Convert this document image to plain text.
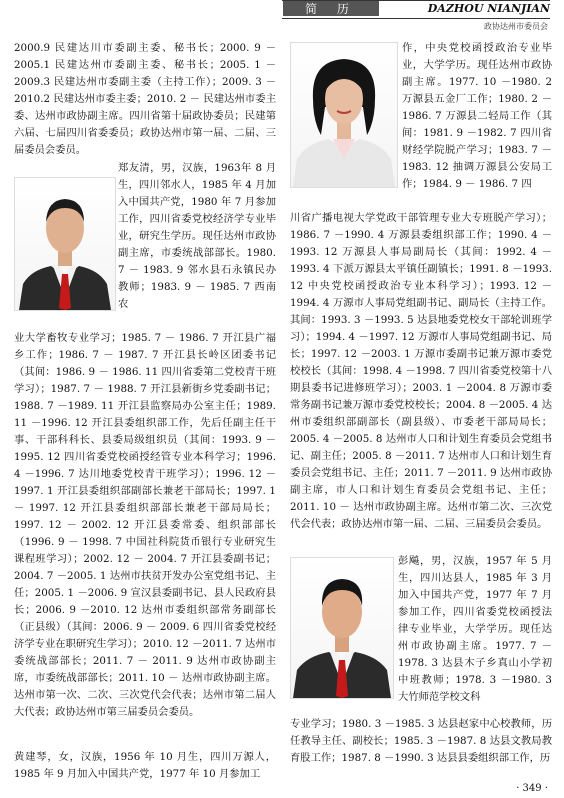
简 历	DAZHOU NIANJIAN
政协达州市委员会

2000.9 民建达川市委副主委、秘书长；2000. 9 － 2005.1 民建达州市委副主委、秘书长；2005. 1 － 2009.3 民建达州市委副主委（主持工作）；2009. 3 － 2010.2 民建达州市委主委；2010. 2 － 民建达州市委主委、达州市政协副主席。四川省第十届政协委员；民建第六届、七届四川省委委员；政协达州市第一届、二届、三届委员会委员。

郑友清，男，汉族，1963年 8 月生，四川邻水人，1985 年 4 月加入中国共产党，1980 年 7 月参加工作，四川省委党校经济学专业毕业，研究生学历。现任达州市政协副主席，市委统战部部长。1980. 7 － 1983. 9 邻水县石永镇民办教师；1983. 9 － 1985. 7 西南农

业大学畜牧专业学习；1985. 7 － 1986. 7 开江县广福乡工作；1986. 7 － 1987. 7 开江县长岭区团委书记（其间：1986. 9 － 1986. 11 四川省委第二党校青干班学习）；1987. 7 － 1988. 7 开江县新街乡党委副书记；1988. 7 －1989. 11 开江县监察局办公室主任；1989. 11 －1996. 12 开江县委组织部工作，先后任副主任干事、干部科科长、县委局级组织员（其间：1993. 9 － 1995. 12 四川省委党校函授经管专业本科学习；1996. 4 －1996. 7 达川地委党校青干班学习）；1996. 12 －1997. 1 开江县委组织部副部长兼老干部局长；1997. 1 － 1997. 12 开江县委组织部部长兼老干部局局长；1997. 12 － 2002. 12 开江县委常委、组织部部长（1996. 9 － 1998. 7 中国社科院货币银行专业研究生课程班学习）；2002. 12 － 2004. 7 开江县委副书记；2004. 7 －2005. 1 达州市扶贫开发办公室党组书记、主任；2005. 1 －2006. 9 宣汉县委副书记、县人民政府县长；2006. 9 －2010. 12 达州市委组织部常务副部长（正县级）（其间：2006. 9 － 2009. 6 四川省委党校经济学专业在职研究生学习）；2010. 12 －2011. 7 达州市委统战部部长；2011. 7 － 2011. 9 达州市政协副主席，市委统战部部长；2011. 10 － 达州市政协副主席。达州市第一次、二次、三次党代会代表；达州市第二届人大代表；政协达州市第三届委员会委员。

黄建琴，女，汉族，1956 年 10 月生，四川万源人，1985 年 9 月加入中国共产党，1977 年 10 月参加工

作，中央党校函授政治专业毕业，大学学历。现任达州市政协副主席。1977. 10 －1980. 2 万源县五金厂工作；1980. 2 －1986. 7 万源县二轻局工作（其间：1981. 9 －1982. 7 四川省财经学院脱产学习；1983. 7 －1983. 12 抽调万源县公安局工作；1984. 9 － 1986. 7 四

川省广播电视大学党政干部管理专业大专班脱产学习）；1986. 7 －1990. 4 万源县委组织部工作；1990. 4 －1993. 12 万源县人事局副局长（其间：1992. 4 － 1993. 4 下派万源县太平镇任副镇长；1991. 8 －1993. 12 中央党校函授政治专业本科学习）；1993. 12 － 1994. 4 万源市人事局党组副书记、副局长（主持工作。其间：1993. 3 －1993. 5 达县地委党校女干部轮训班学习）；1994. 4 －1997. 12 万源市人事局党组副书记、局长；1997. 12 －2003. 1 万源市委副书记兼万源市委党校校长（其间：1998. 4 －1998. 7 四川省委党校第十八期县委书记进修班学习）；2003. 1 －2004. 8 万源市委常务副书记兼万源市委党校校长；2004. 8 －2005. 4 达州市委组织部副部长（副县级）、市委老干部局局长；2005. 4 －2005. 8 达州市人口和计划生育委员会党组书记、副主任；2005. 8 －2011. 7 达州市人口和计划生育委员会党组书记、主任；2011. 7 －2011. 9 达州市政协副主席，市人口和计划生育委员会党组书记、主任；2011. 10 － 达州市政协副主席。达州市第二次、三次党代会代表；政协达州市第一届、二届、三届委员会委员。

彭飚，男，汉族，1957 年 5 月生，四川达县人，1985 年 3 月加入中国共产党，1977 年 7 月参加工作，四川省委党校函授法律专业毕业，大学学历。现任达州市政协副主席。1977. 7 －1978. 3 达县木子乡真山小学初中班教师；1978. 3 －1980. 3 大竹师范学校文科

专业学习；1980. 3 －1985. 3 达县赵家中心校教师，历任教导主任、副校长；1985. 3 －1987. 8 达县文教局教育股工作；1987. 8 －1990. 3 达县县委组织部工作，历

· 349 ·
